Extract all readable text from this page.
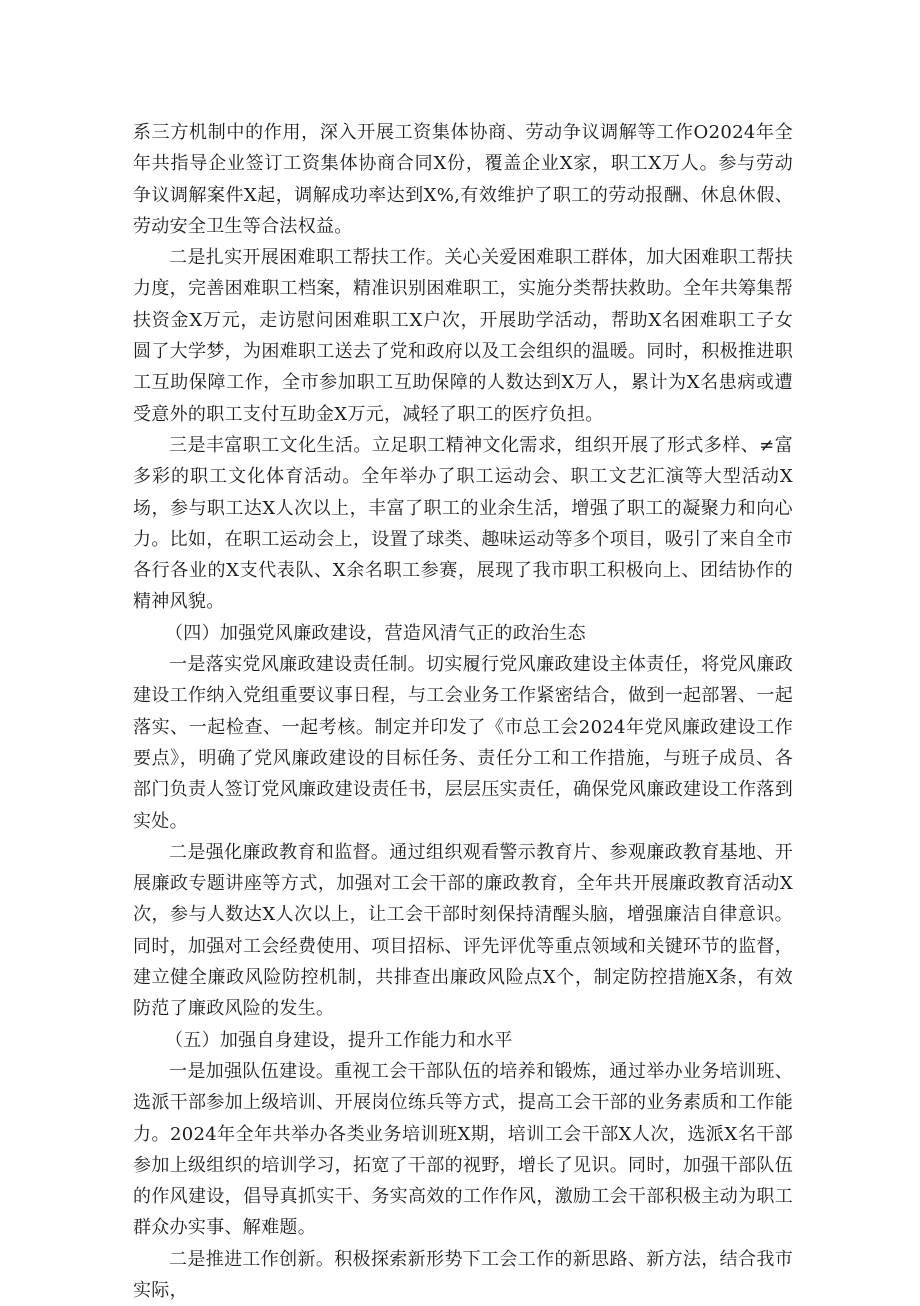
系三方机制中的作用，深入开展工资集体协商、劳动争议调解等工作O2024年全年共指导企业签订工资集体协商合同X份，覆盖企业X家，职工X万人。参与劳动争议调解案件X起，调解成功率达到X%,有效维护了职工的劳动报酬、休息休假、劳动安全卫生等合法权益。

二是扎实开展困难职工帮扶工作。关心关爱困难职工群体，加大困难职工帮扶力度，完善困难职工档案，精准识别困难职工，实施分类帮扶救助。全年共筹集帮扶资金X万元，走访慰问困难职工X户次，开展助学活动，帮助X名困难职工子女圆了大学梦，为困难职工送去了党和政府以及工会组织的温暖。同时，积极推进职工互助保障工作，全市参加职工互助保障的人数达到X万人，累计为X名患病或遭受意外的职工支付互助金X万元，减轻了职工的医疗负担。

三是丰富职工文化生活。立足职工精神文化需求，组织开展了形式多样、≠富多彩的职工文化体育活动。全年举办了职工运动会、职工文艺汇演等大型活动X场，参与职工达X人次以上，丰富了职工的业余生活，增强了职工的凝聚力和向心力。比如，在职工运动会上，设置了球类、趣味运动等多个项目，吸引了来自全市各行各业的X支代表队、X余名职工参赛，展现了我市职工积极向上、团结协作的精神风貌。

（四）加强党风廉政建设，营造风清气正的政治生态

一是落实党风廉政建设责任制。切实履行党风廉政建设主体责任，将党风廉政建设工作纳入党组重要议事日程，与工会业务工作紧密结合，做到一起部署、一起落实、一起检查、一起考核。制定并印发了《市总工会2024年党风廉政建设工作要点》，明确了党风廉政建设的目标任务、责任分工和工作措施，与班子成员、各部门负责人签订党风廉政建设责任书，层层压实责任，确保党风廉政建设工作落到实处。

二是强化廉政教育和监督。通过组织观看警示教育片、参观廉政教育基地、开展廉政专题讲座等方式，加强对工会干部的廉政教育，全年共开展廉政教育活动X次，参与人数达X人次以上，让工会干部时刻保持清醒头脑，增强廉洁自律意识。同时，加强对工会经费使用、项目招标、评先评优等重点领域和关键环节的监督，建立健全廉政风险防控机制，共排查出廉政风险点X个，制定防控措施X条，有效防范了廉政风险的发生。

（五）加强自身建设，提升工作能力和水平

一是加强队伍建设。重视工会干部队伍的培养和锻炼，通过举办业务培训班、选派干部参加上级培训、开展岗位练兵等方式，提高工会干部的业务素质和工作能力。2024年全年共举办各类业务培训班X期，培训工会干部X人次，选派X名干部参加上级组织的培训学习，拓宽了干部的视野，增长了见识。同时，加强干部队伍的作风建设，倡导真抓实干、务实高效的工作作风，激励工会干部积极主动为职工群众办实事、解难题。

二是推进工作创新。积极探索新形势下工会工作的新思路、新方法，结合我市实际，
